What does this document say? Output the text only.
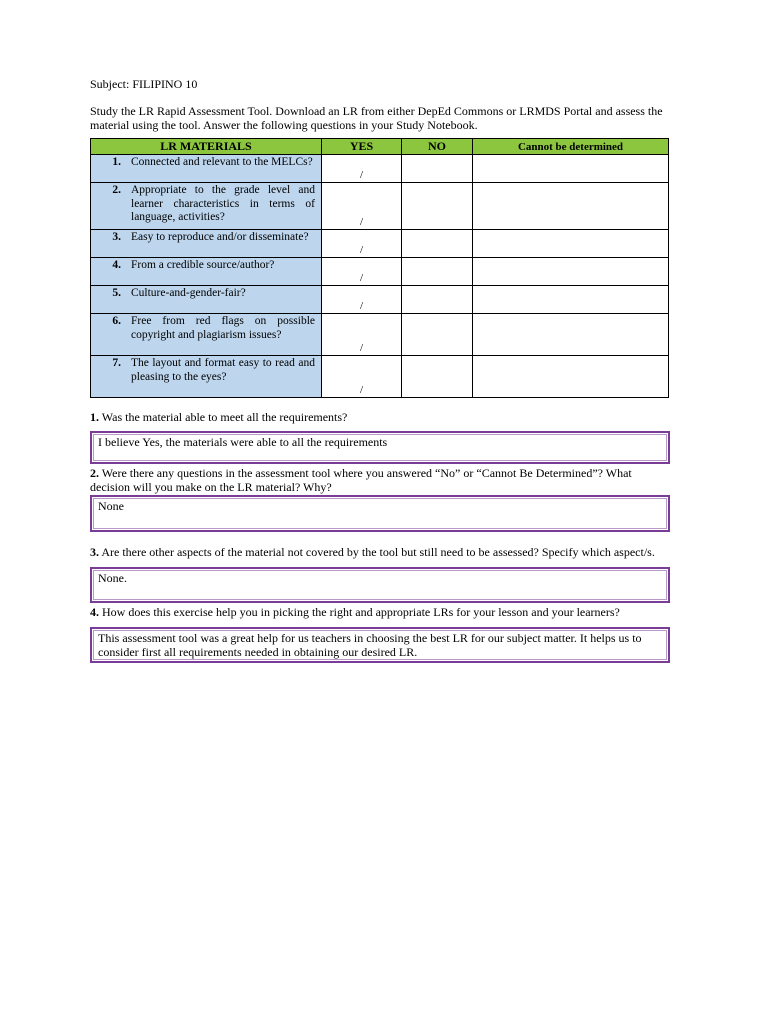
Subject: FILIPINO 10

Study the LR Rapid Assessment Tool. Download an LR from either DepEd Commons or LRMDS Portal and assess the material using the tool. Answer the following questions in your Study Notebook.

LR MATERIALS	YES	NO	Cannot be determined

1. Connected and relevant to the MELCs?	/		

2. Appropriate to the grade level and learner characteristics in terms of language, activities?	/		

3. Easy to reproduce and/or disseminate?	/		

4. From a credible source/author?	/		

5. Culture-and-gender-fair?	/		

6. Free from red flags on possible copyright and plagiarism issues?	/		

7. The layout and format easy to read and pleasing to the eyes?	/		

1. Was the material able to meet all the requirements?

I believe Yes, the materials were able to all the requirements

2. Were there any questions in the assessment tool where you answered “No” or “Cannot Be Determined”? What decision will you make on the LR material? Why?

None

3. Are there other aspects of the material not covered by the tool but still need to be assessed? Specify which aspect/s.

None.

4. How does this exercise help you in picking the right and appropriate LRs for your lesson and your learners?

This assessment tool was a great help for us teachers in choosing the best LR for our subject matter. It helps us to consider first all requirements needed in obtaining our desired LR.
